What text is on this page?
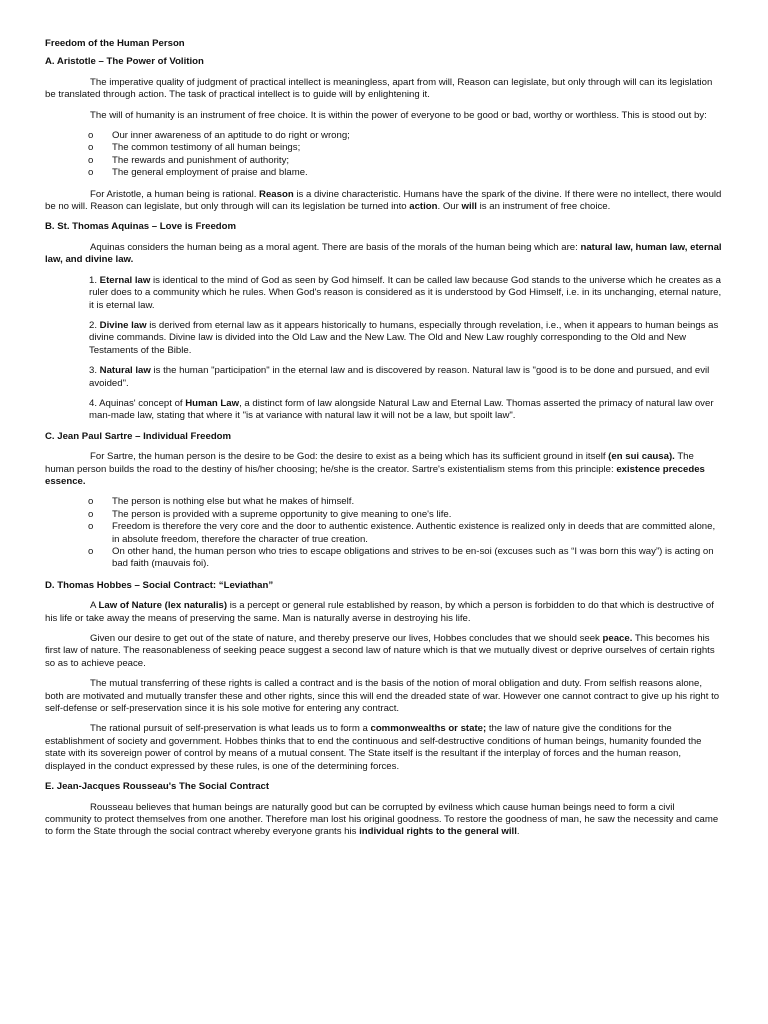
Freedom of the Human Person
A. Aristotle – The Power of Volition

The imperative quality of judgment of practical intellect is meaningless, apart from will, Reason can legislate, but only through will can its legislation be translated through action. The task of practical intellect is to guide will by enlightening it.

The will of humanity is an instrument of free choice. It is within the power of everyone to be good or bad, worthy or worthless. This is stood out by:

o Our inner awareness of an aptitude to do right or wrong;
o The common testimony of all human beings;
o The rewards and punishment of authority;
o The general employment of praise and blame.

For Aristotle, a human being is rational. Reason is a divine characteristic. Humans have the spark of the divine. If there were no intellect, there would be no will. Reason can legislate, but only through will can its legislation be turned into action. Our will is an instrument of free choice.

B. St. Thomas Aquinas – Love is Freedom

Aquinas considers the human being as a moral agent. There are basis of the morals of the human being which are: natural law, human law, eternal law, and divine law.

1. Eternal law is identical to the mind of God as seen by God himself. It can be called law because God stands to the universe which he creates as a ruler does to a community which he rules. When God's reason is considered as it is understood by God Himself, i.e. in its unchanging, eternal nature, it is eternal law.
2. Divine law is derived from eternal law as it appears historically to humans, especially through revelation, i.e., when it appears to human beings as divine commands. Divine law is divided into the Old Law and the New Law. The Old and New Law roughly corresponding to the Old and New Testaments of the Bible.
3. Natural law is the human "participation" in the eternal law and is discovered by reason. Natural law is "good is to be done and pursued, and evil avoided".
4. Aquinas' concept of Human Law, a distinct form of law alongside Natural Law and Eternal Law. Thomas asserted the primacy of natural law over man-made law, stating that where it "is at variance with natural law it will not be a law, but spoilt law".
C. Jean Paul Sartre – Individual Freedom

For Sartre, the human person is the desire to be God: the desire to exist as a being which has its sufficient ground in itself (en sui causa). The human person builds the road to the destiny of his/her choosing; he/she is the creator. Sartre's existentialism stems from this principle: existence precedes essence.

o The person is nothing else but what he makes of himself.
o The person is provided with a supreme opportunity to give meaning to one's life.
o Freedom is therefore the very core and the door to authentic existence. Authentic existence is realized only in deeds that are committed alone, in absolute freedom, therefore the character of true creation.
o On other hand, the human person who tries to escape obligations and strives to be en-soi (excuses such as “I was born this way”) is acting on bad faith (mauvais foi).
D. Thomas Hobbes – Social Contract: “Leviathan”

A Law of Nature (lex naturalis) is a percept or general rule established by reason, by which a person is forbidden to do that which is destructive of his life or take away the means of preserving the same. Man is naturally averse in destroying his life.

Given our desire to get out of the state of nature, and thereby preserve our lives, Hobbes concludes that we should seek peace. This becomes his first law of nature. The reasonableness of seeking peace suggest a second law of nature which is that we mutually divest or deprive ourselves of certain rights so as to achieve peace.

The mutual transferring of these rights is called a contract and is the basis of the notion of moral obligation and duty. From selfish reasons alone, both are motivated and mutually transfer these and other rights, since this will end the dreaded state of war. However one cannot contract to give up his right to self-defense or self-preservation since it is his sole motive for entering any contract.

The rational pursuit of self-preservation is what leads us to form a commonwealths or state; the law of nature give the conditions for the establishment of society and government. Hobbes thinks that to end the continuous and self-destructive conditions of human beings, humanity founded the state with its sovereign power of control by means of a mutual consent. The State itself is the resultant if the interplay of forces and the human reason, displayed in the conduct expressed by these rules, is one of the determining forces.

E. Jean-Jacques Rousseau's The Social Contract

Rousseau believes that human beings are naturally good but can be corrupted by evilness which cause human beings need to form a civil community to protect themselves from one another. Therefore man lost his original goodness. To restore the goodness of man, he saw the necessity and came to form the State through the social contract whereby everyone grants his individual rights to the general will.
